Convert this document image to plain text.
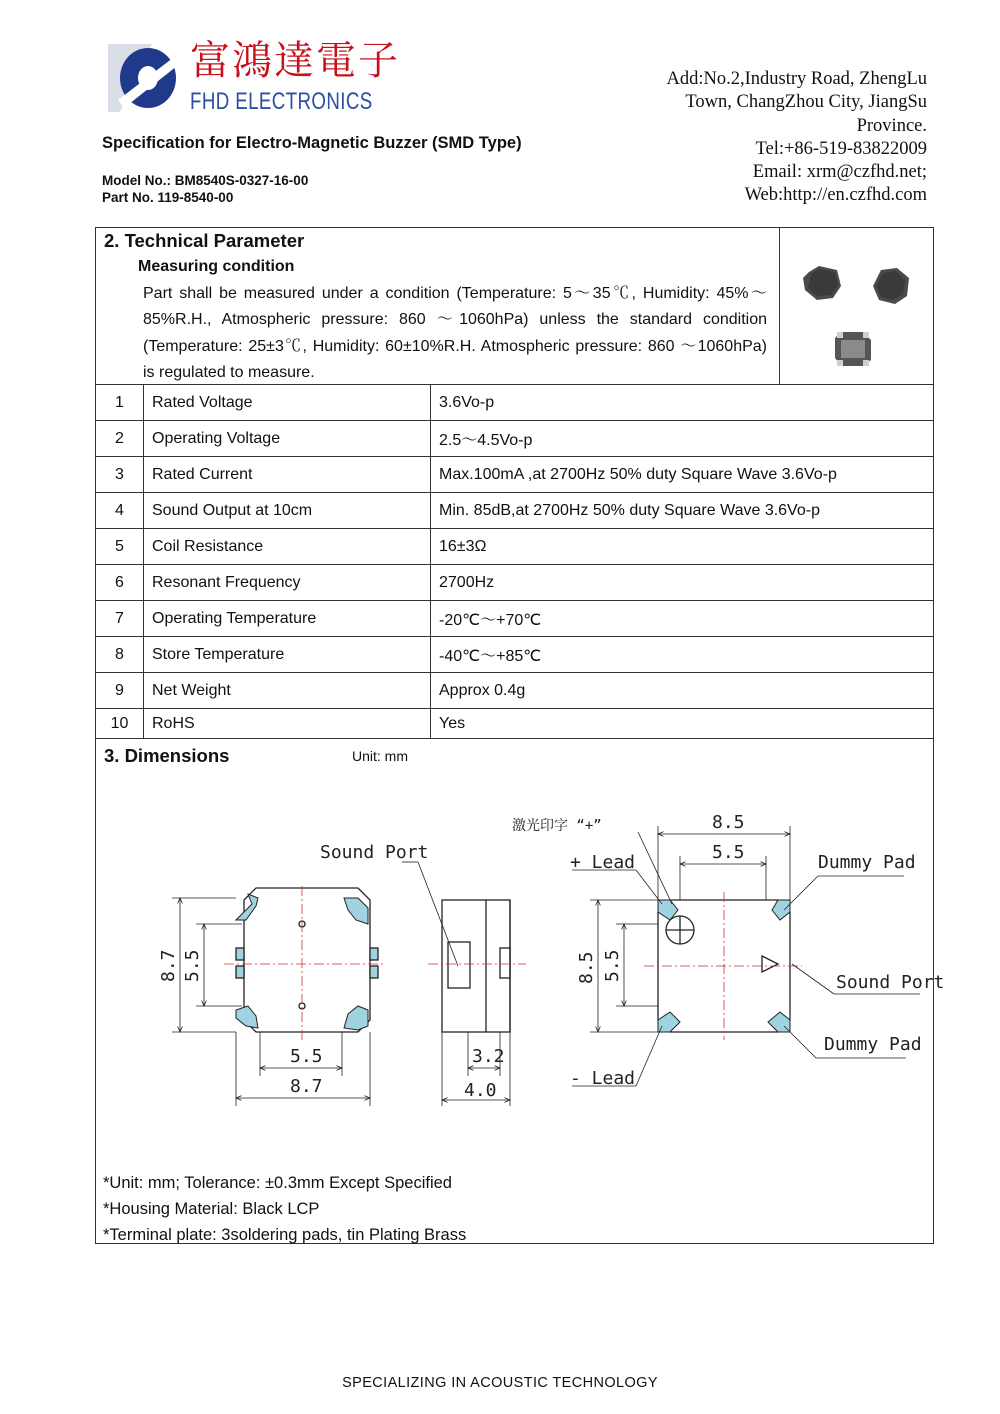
富鴻達電子
FHD ELECTRONICS
Add:No.2,Industry Road, ZhengLu
Town, ChangZhou City, JiangSu
Province.
Tel:+86-519-83822009
Email: xrm@czfhd.net;
Web:http://en.czfhd.com
Specification for Electro-Magnetic Buzzer (SMD Type)
Model No.: BM8540S-0327-16-00
Part No. 119-8540-00
2. Technical Parameter
Measuring condition
Part shall be measured under a condition (Temperature: 5～35℃, Humidity: 45%～85%R.H., Atmospheric pressure: 860 ～1060hPa) unless the standard condition (Temperature: 25±3℃, Humidity: 60±10%R.H. Atmospheric pressure: 860 ～1060hPa) is regulated to measure.
1	Rated Voltage	3.6Vo-p
2	Operating Voltage	2.5～4.5Vo-p
3	Rated Current	Max.100mA ,at 2700Hz 50% duty Square Wave 3.6Vo-p
4	Sound Output at 10cm	Min. 85dB,at 2700Hz 50% duty Square Wave 3.6Vo-p
5	Coil Resistance	16±3Ω
6	Resonant Frequency	2700Hz
7	Operating Temperature	-20℃～+70℃
8	Store Temperature	-40℃～+85℃
9	Net Weight	Approx 0.4g
10	RoHS	Yes
3. Dimensions	Unit: mm
Sound Port
激光印字 “+”
+ Lead
- Lead
Dummy Pad
Dummy Pad
Sound Port
5.5
8.7
3.2
4.0
8.5
5.5
8.7 5.5	8.5 5.5
*Unit: mm; Tolerance: ±0.3mm Except Specified
*Housing Material: Black LCP
*Terminal plate: 3soldering pads, tin Plating Brass
SPECIALIZING IN ACOUSTIC TECHNOLOGY
